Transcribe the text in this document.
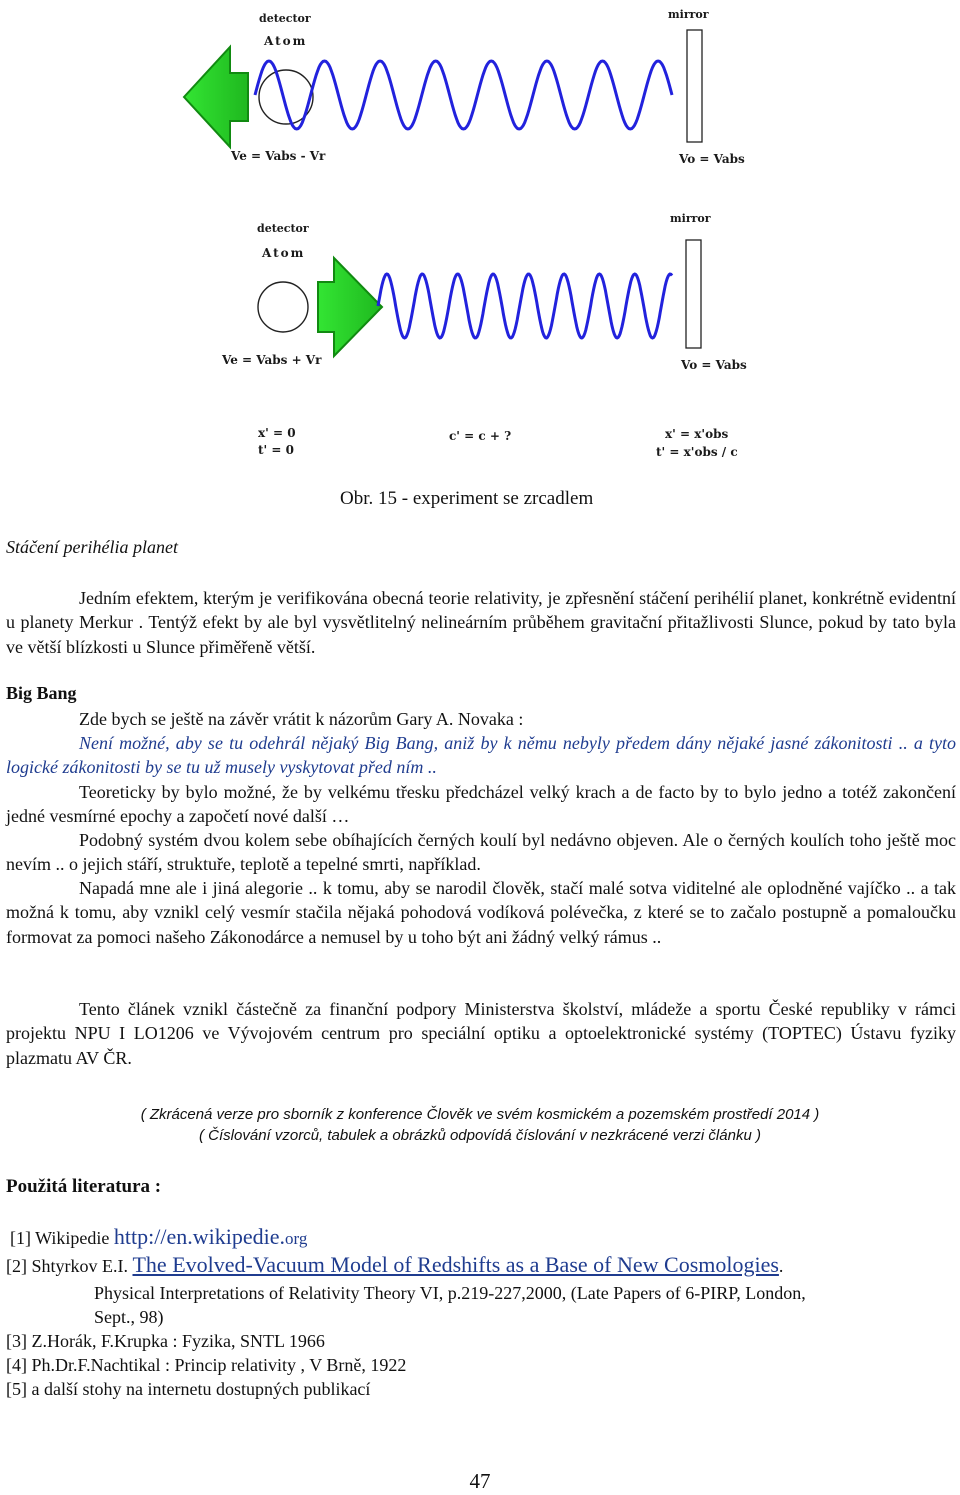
detector
Atom
mirror
Ve = Vabs - Vr	Vo = Vabs
detector
Atom
mirror
Ve = Vabs + Vr	Vo = Vabs
x' = 0
t' = 0
c' = c + ?	x' = x'obs
t' = x'obs / c
Obr. 15 - experiment se zrcadlem
Stáčení perihélia planet
Jedním efektem, kterým je verifikována obecná teorie relativity, je zpřesnění stáčení perihélií planet, konkrétně evidentní u planety Merkur . Tentýž efekt by ale byl vysvětlitelný nelineárním průběhem gravitační přitažlivosti Slunce, pokud by tato byla ve větší blízkosti u Slunce přiměřeně větší.
Big Bang
Zde bych se ještě na závěr vrátit k názorům Gary A. Novaka :
Není možné, aby se tu odehrál nějaký Big Bang, aniž by k němu nebyly předem dány nějaké jasné zákonitosti .. a tyto logické zákonitosti by se tu už musely vyskytovat před ním ..
Teoreticky by bylo možné, že by velkému třesku předcházel velký krach a de facto by to bylo jedno a totéž zakončení jedné vesmírné epochy a započetí nové další …
Podobný systém dvou kolem sebe obíhajících černých koulí byl nedávno objeven. Ale o černých koulích toho ještě moc nevím .. o jejich stáří, struktuře, teplotě a tepelné smrti, například.
Napadá mne ale i jiná alegorie .. k tomu, aby se narodil člověk, stačí malé sotva viditelné ale oplodněné vajíčko .. a tak možná k tomu, aby vznikl celý vesmír stačila nějaká pohodová vodíková polévečka, z které se to začalo postupně a pomaloučku formovat za pomoci našeho Zákonodárce a nemusel by u toho být ani žádný velký rámus ..
Tento článek vznikl částečně za finanční podpory Ministerstva školství, mládeže a sportu České republiky v rámci projektu NPU I LO1206 ve Vývojovém centrum pro speciální optiku a optoelektronické systémy (TOPTEC) Ústavu fyziky plazmatu AV ČR.
( Zkrácená verze pro sborník z konference Člověk ve svém kosmickém a pozemském prostředí 2014 )
( Číslování vzorců, tabulek a obrázků odpovídá číslování v nezkrácené verzi článku )
Použitá literatura :
[1] Wikipedie http://en.wikipedie.org
[2] Shtyrkov E.I. The Evolved-Vacuum Model of Redshifts as a Base of New Cosmologies.
Physical Interpretations of Relativity Theory VI, p.219-227,2000, (Late Papers of 6-PIRP, London,
Sept., 98)
[3] Z.Horák, F.Krupka : Fyzika, SNTL 1966
[4] Ph.Dr.F.Nachtikal : Princip relativity , V Brně, 1922
[5] a další stohy na internetu dostupných publikací
47
